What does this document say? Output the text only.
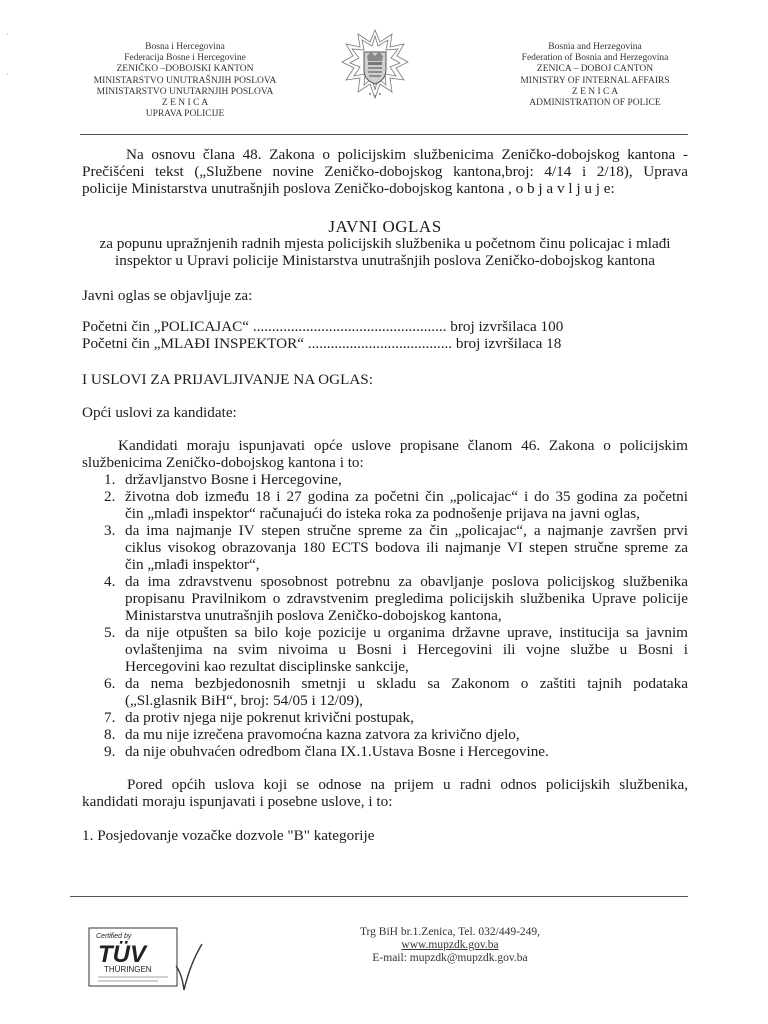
·
·
Bosna i Hercegovina
Federacija Bosne i Hercegovine
ZENIČKO –DOBOJSKI KANTON
MINISTARSTVO UNUTRAŠNJIH POSLOVA
MINISTARSTVO UNUTARNJIH POSLOVA
Z E N I C A
UPRAVA POLICIJE
Bosnia and Herzegovina
Federation of Bosnia and Herzegovina
ZENICA – DOBOJ CANTON
MINISTRY OF INTERNAL AFFAIRS
Z E N I C A
ADMINISTRATION OF POLICE
Na osnovu člana 48. Zakona o policijskim službenicima Zeničko-dobojskog kantona -
Prečišćeni tekst („Službene novine Zeničko-dobojskog kantona,broj: 4/14 i 2/18), Uprava
policije Ministarstva unutrašnjih poslova Zeničko-dobojskog kantona , o b j a v l j u j e:
JAVNI OGLAS
za popunu upražnjenih radnih mjesta policijskih službenika u početnom činu policajac i mlađi
inspektor u Upravi policije Ministarstva unutrašnjih poslova Zeničko-dobojskog kantona
Javni oglas se objavljuje za:
Početni čin „POLICAJAC“ ................................................... broj izvršilaca 100
Početni čin „MLAĐI INSPEKTOR“ ...................................... broj izvršilaca 18
I USLOVI ZA PRIJAVLJIVANJE NA OGLAS:
Opći uslovi za kandidate:
Kandidati moraju ispunjavati opće uslove propisane članom 46. Zakona o policijskim
službenicima Zeničko-dobojskog kantona i to:
1. državljanstvo Bosne i Hercegovine,
2. životna dob između 18 i 27 godina za početni čin „policajac“ i do 35 godina za početni
čin „mlađi inspektor“ računajući do isteka roka za podnošenje prijava na javni oglas,
3. da ima najmanje IV stepen stručne spreme za čin „policajac“, a najmanje završen prvi
ciklus visokog obrazovanja 180 ECTS bodova ili najmanje VI stepen stručne spreme za
čin „mlađi inspektor“,
4. da ima zdravstvenu sposobnost potrebnu za obavljanje poslova policijskog službenika
propisanu Pravilnikom o zdravstvenim pregledima policijskih službenika Uprave policije
Ministarstva unutrašnjih poslova Zeničko-dobojskog kantona,
5. da nije otpušten sa bilo koje pozicije u organima državne uprave, institucija sa javnim
ovlaštenjima na svim nivoima u Bosni i Hercegovini ili vojne službe u Bosni i
Hercegovini kao rezultat disciplinske sankcije,
6. da nema bezbjedonosnih smetnji u skladu sa Zakonom o zaštiti tajnih podataka
(„Sl.glasnik BiH“, broj: 54/05 i 12/09),
7. da protiv njega nije pokrenut krivični postupak,
8. da mu nije izrečena pravomoćna kazna zatvora za krivično djelo,
9. da nije obuhvaćen odredbom člana IX.1.Ustava Bosne i Hercegovine.
Pored općih uslova koji se odnose na prijem u radni odnos policijskih službenika,
kandidati moraju ispunjavati i posebne uslove, i to:
1. Posjedovanje vozačke dozvole "B" kategorije
Certified by
TÜV
THÜRINGEN
Trg BiH br.1.Zenica, Tel. 032/449-249,
www.mupzdk.gov.ba
E-mail: mupzdk@mupzdk.gov.ba
